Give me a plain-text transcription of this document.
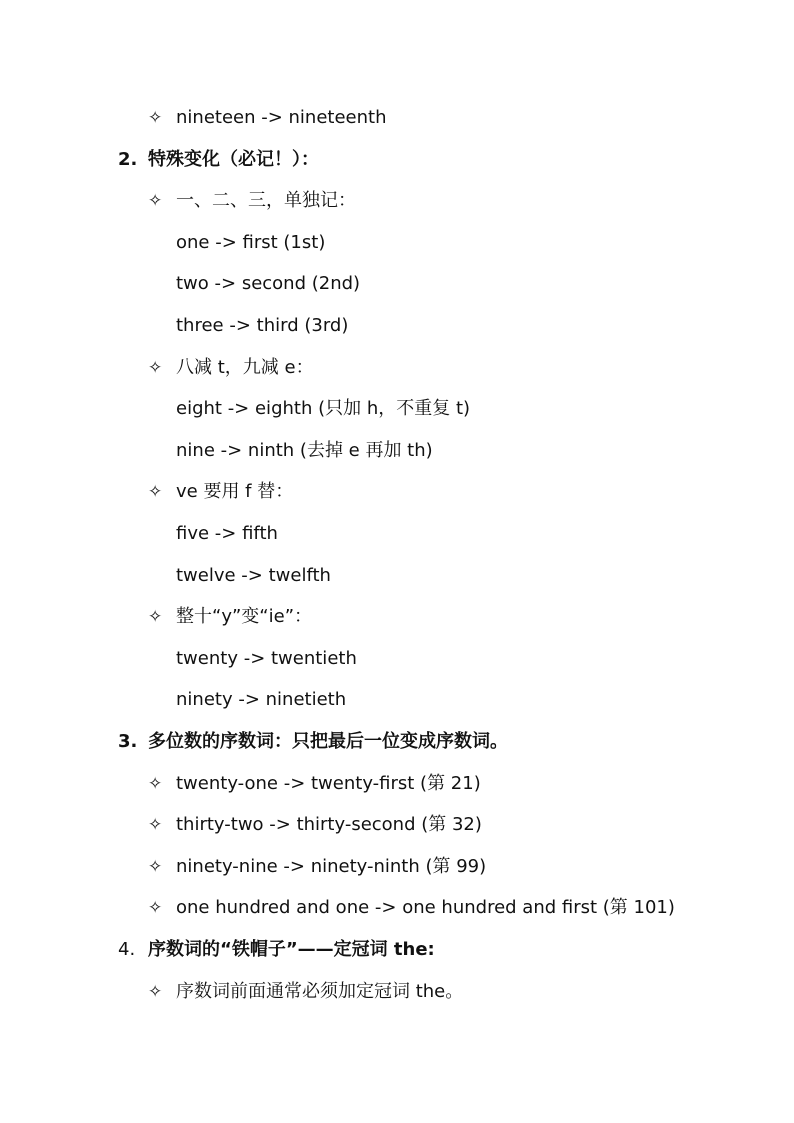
✧ nineteen -> nineteenth
2. 特殊变化（必记！）：
✧ 一、二、三，单独记：
one -> first (1st)
two -> second (2nd)
three -> third (3rd)
✧ 八减 t，九减 e：
eight -> eighth (只加 h，不重复 t)
nine -> ninth (去掉 e 再加 th)
✧ ve 要用 f 替：
five -> fifth
twelve -> twelfth
✧ 整十“y”变“ie”：
twenty -> twentieth
ninety -> ninetieth
3. 多位数的序数词：只把最后一位变成序数词。
✧ twenty-one -> twenty-first (第 21)
✧ thirty-two -> thirty-second (第 32)
✧ ninety-nine -> ninety-ninth (第 99)
✧ one hundred and one -> one hundred and first (第 101)
4. 序数词的“铁帽子”——定冠词 the:
✧ 序数词前面通常必须加定冠词 the。
